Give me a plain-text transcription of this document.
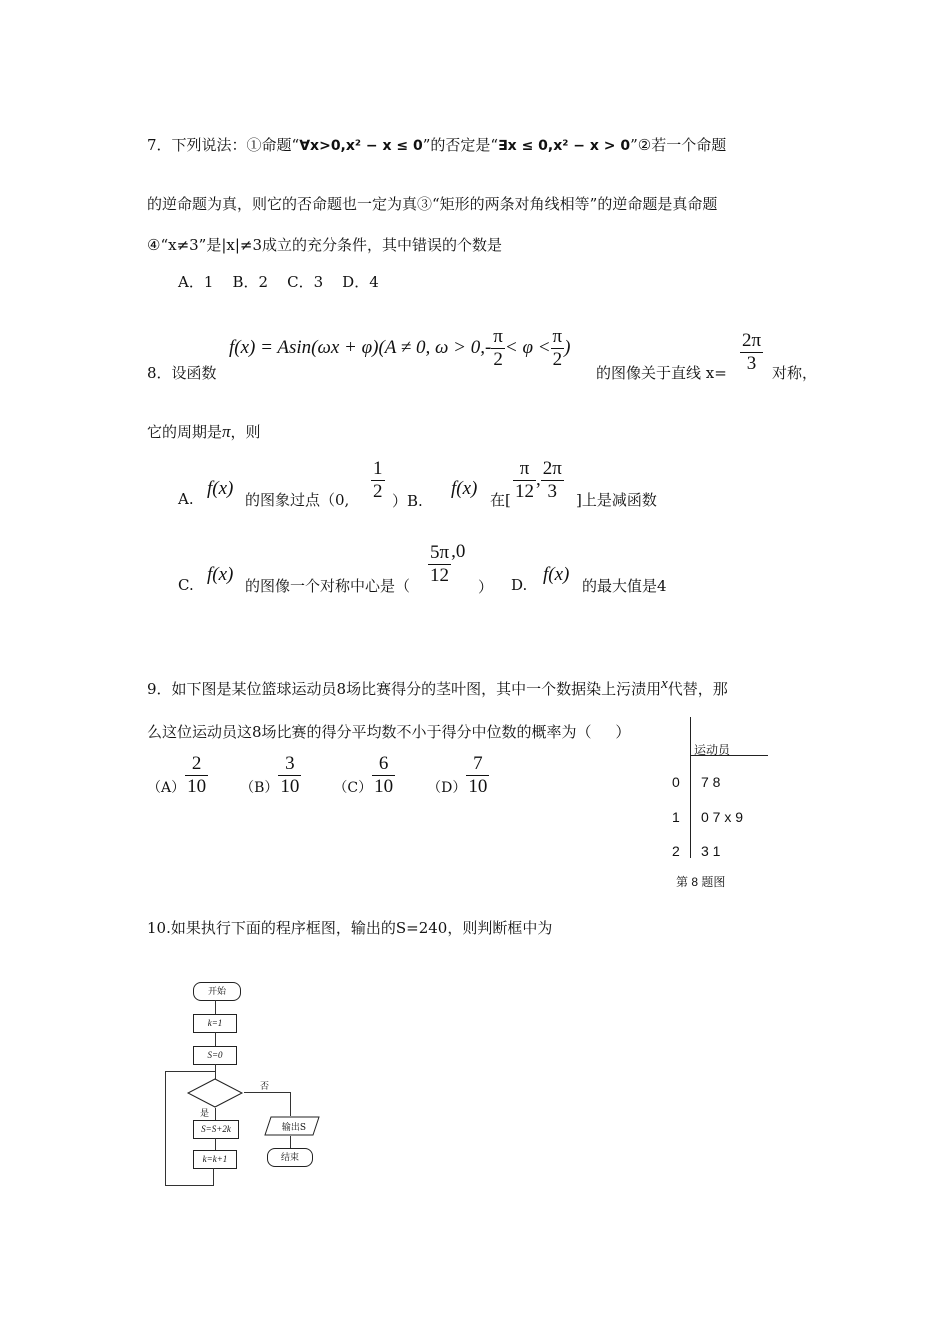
7．下列说法：①命题“∀x>0,x² − x ≤ 0”的否定是“∃x ≤ 0,x² − x > 0”②若一个命题
的逆命题为真，则它的否命题也一定为真③“矩形的两条对角线相等”的逆命题是真命题
④“x≠3”是|x|≠3成立的充分条件，其中错误的个数是
A．1    B．2    C．3    D．4
8．设函数
f(x) = Asin(ωx + φ)(A ≠ 0, $\omega > 0,- \frac{\pi}{2} < \varphi < \frac{\pi}{2}$ )
的图像关于直线 $x= \frac{2\pi}{3}$ 对称，
它的周期是π，则
A. f(x)
的图象过点（0, $\frac{1}{2} )B$.
f(x)
在[ $\frac{\pi}{12}$ , $\frac{2\pi}{3}$ ]上是减函数
C. f(x)
的图像一个对称中心是（ $\frac{5\pi}{12} ,0$
） D. f(x)
的最大值是4
9．如下图是某位篮球运动员8场比赛得分的茎叶图，其中一个数据染上污渍用x代替，那
么这位运动员这8场比赛的得分平均数不小于得分中位数的概率为（     ）
$(A) \frac{2}{10} (B) \frac{3}{10} (C) \frac{6}{10} (D) \frac{7}{10}$
运动员
0 7 8
1 0 7 x 9
2 3 1
第 8 题图
10.如果执行下面的程序框图，输出的S=240，则判断框中为
开始
k=1
S=0
否
是
S=S+2k
k=k+1
输出S
结束
